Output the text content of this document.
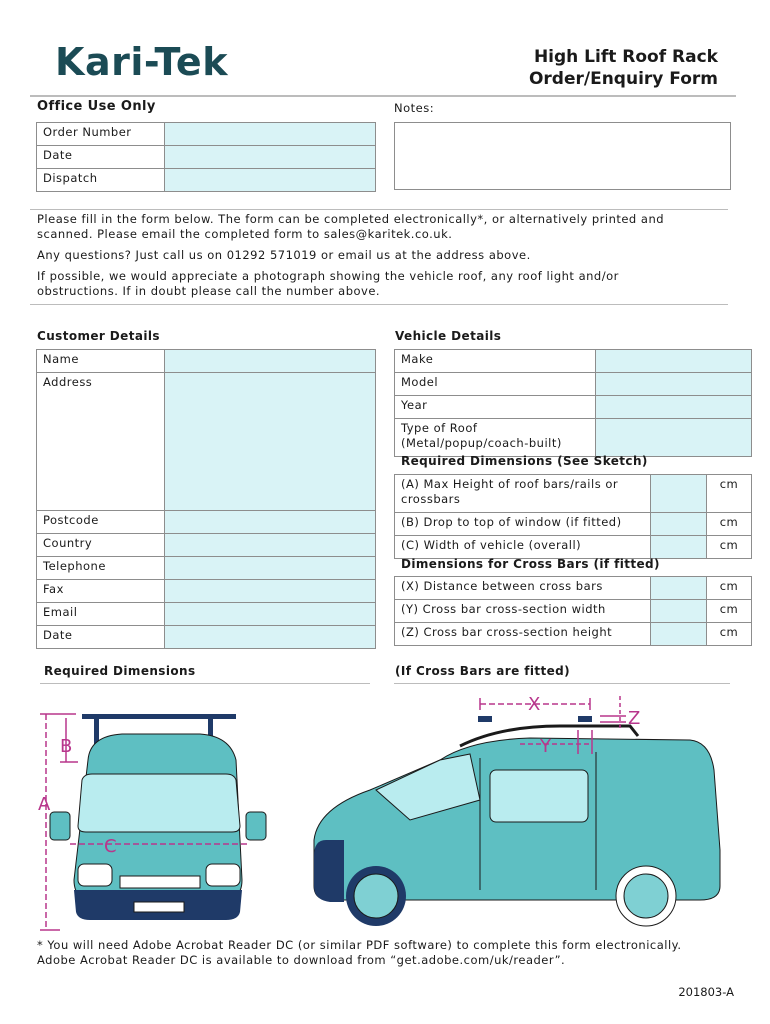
Kari-Tek	High Lift Roof Rack
Order/Enquiry Form
Office Use Only	Notes:
Order Number	
Date	
Dispatch	

Please fill in the form below. The form can be completed electronically*, or alternatively printed and scanned. Please email the completed form to sales@karitek.co.uk.

Any questions? Just call us on 01292 571019 or email us at the address above.

If possible, we would appreciate a photograph showing the vehicle roof, any roof light and/or obstructions. If in doubt please call the number above.

Customer Details
Name	
Address	
Postcode	
Country	
Telephone	
Fax	
Email	
Date	
Vehicle Details
Make	
Model	
Year	
Type of Roof (Metal/popup/coach-built)	
Required Dimensions (See Sketch)
(A) Max Height of roof bars/rails or crossbars		cm
(B) Drop to top of window (if fitted)		cm
(C) Width of vehicle (overall)		cm
Dimensions for Cross Bars (if fitted)
(X) Distance between cross bars		cm
(Y) Cross bar cross-section width		cm
(Z) Cross bar cross-section height		cm
Required Dimensions	(If Cross Bars are fitted)
A
B
C
X
Y
Z
* You will need Adobe Acrobat Reader DC (or similar PDF software) to complete this form electronically.
Adobe Acrobat Reader DC is available to download from “get.adobe.com/uk/reader”.
201803-A
